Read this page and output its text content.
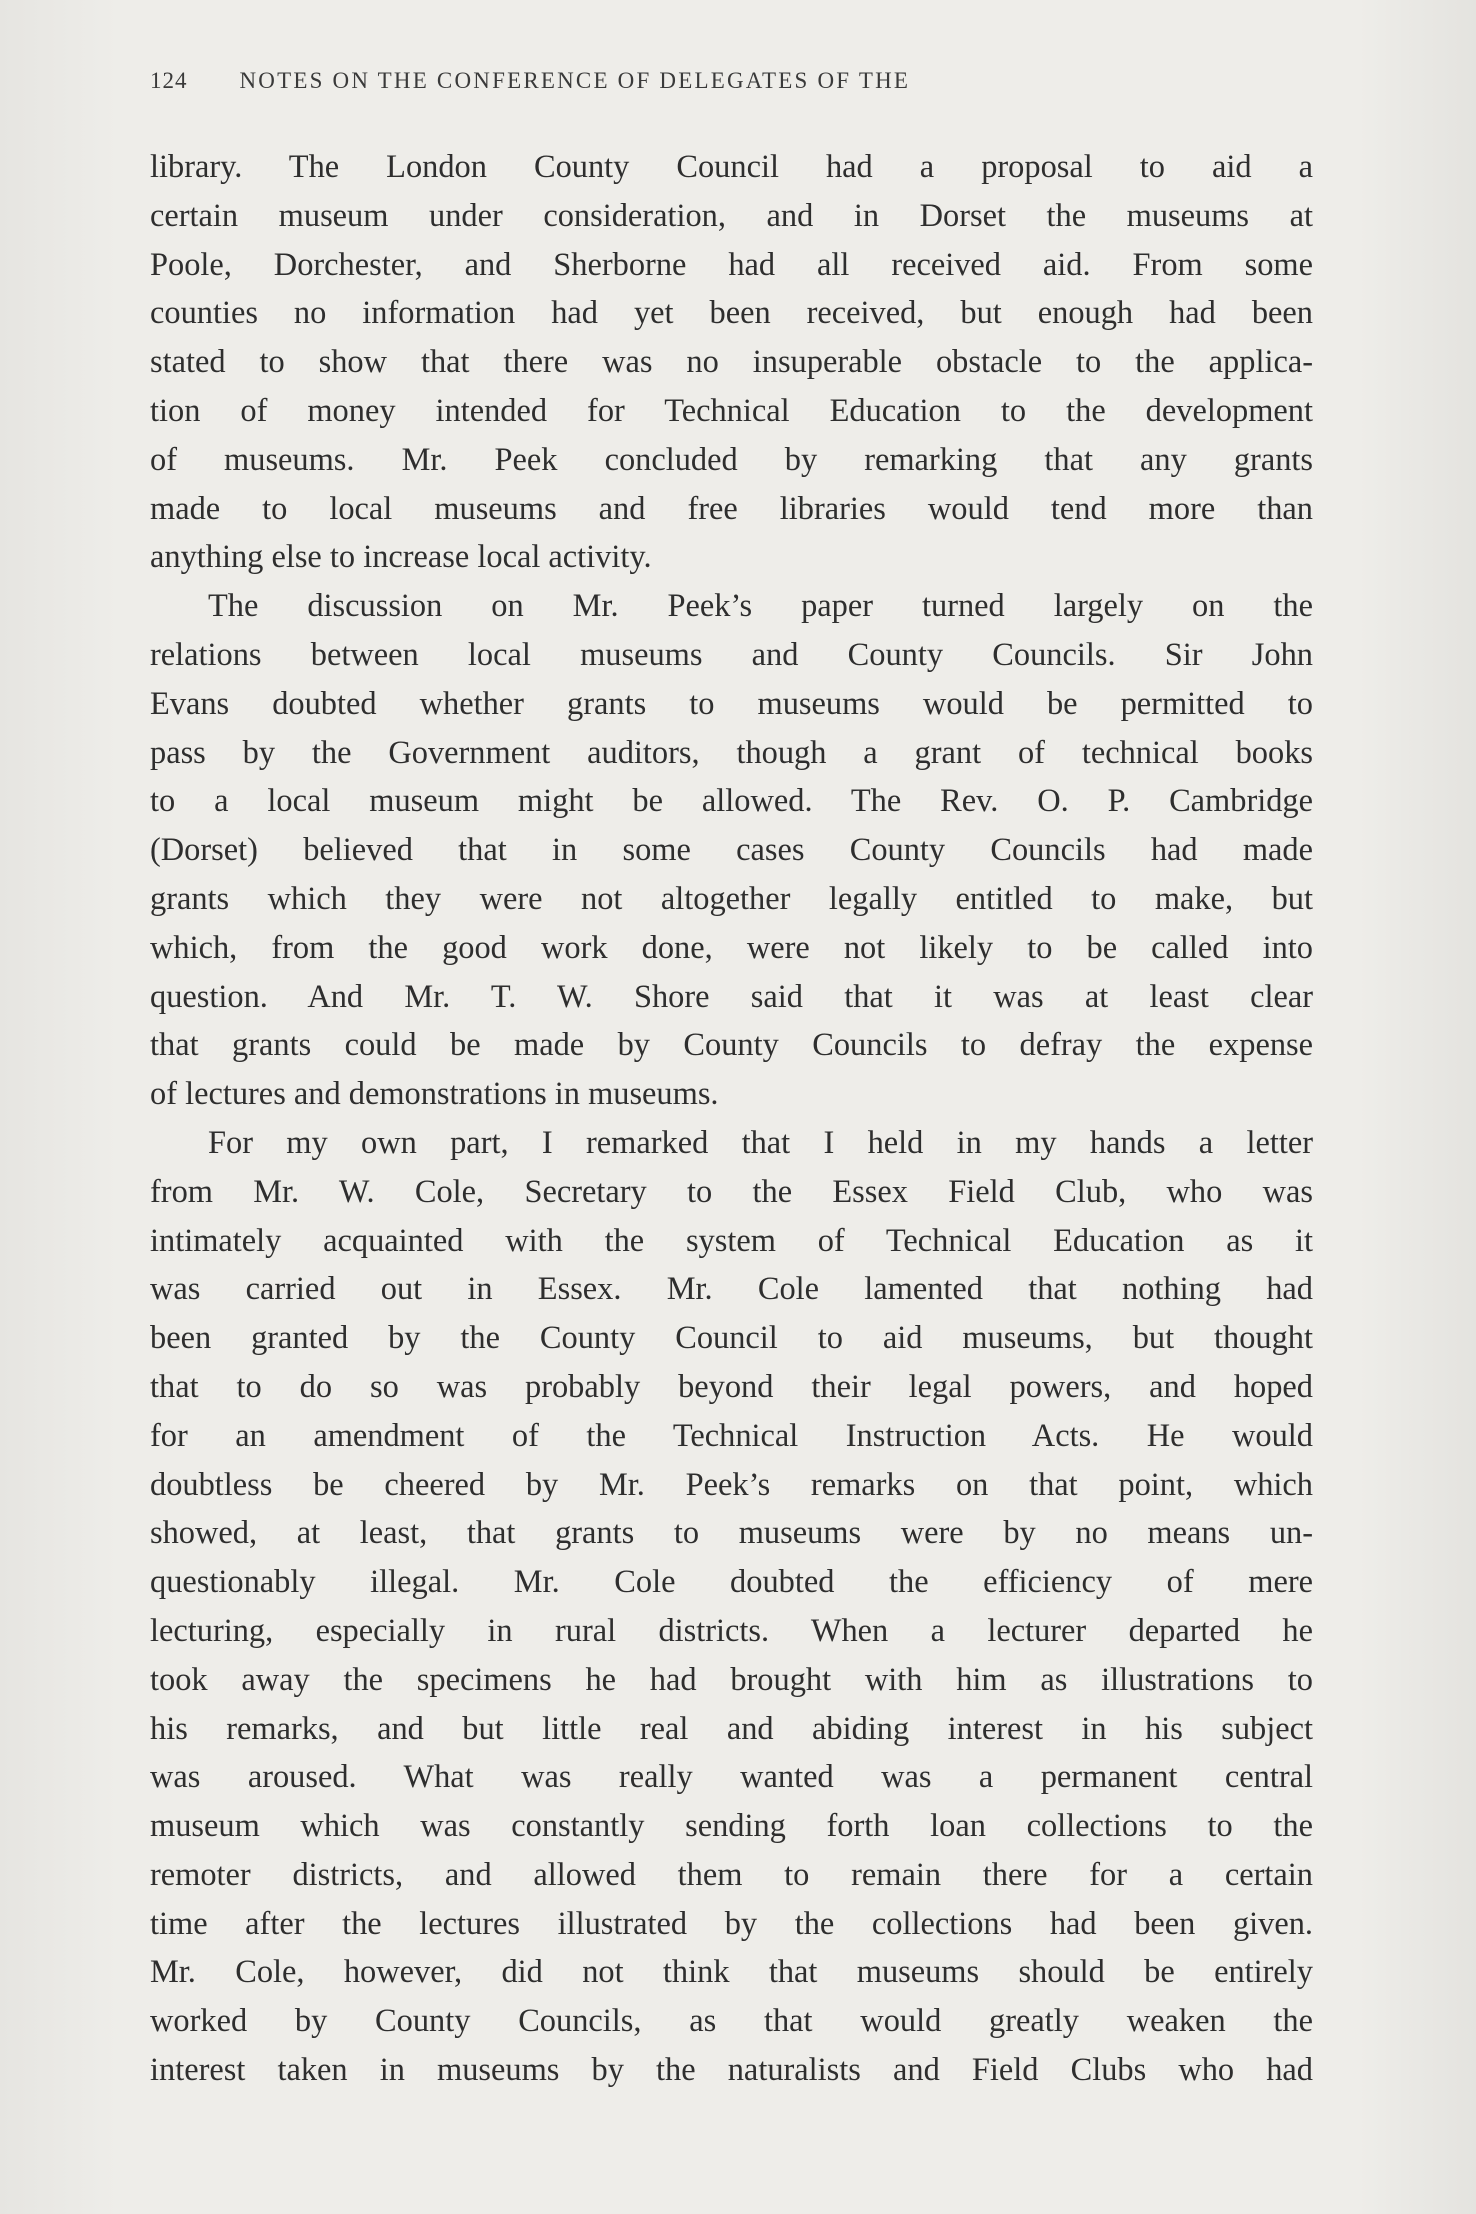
124 NOTES ON THE CONFERENCE OF DELEGATES OF THE
library. The London County Council had a proposal to aid a
certain museum under consideration, and in Dorset the museums at
Poole, Dorchester, and Sherborne had all received aid. From some
counties no information had yet been received, but enough had been
stated to show that there was no insuperable obstacle to the applica-
tion of money intended for Technical Education to the development
of museums. Mr. Peek concluded by remarking that any grants
made to local museums and free libraries would tend more than
anything else to increase local activity.
The discussion on Mr. Peek’s paper turned largely on the
relations between local museums and County Councils. Sir John
Evans doubted whether grants to museums would be permitted to
pass by the Government auditors, though a grant of technical books
to a local museum might be allowed. The Rev. O. P. Cambridge
(Dorset) believed that in some cases County Councils had made
grants which they were not altogether legally entitled to make, but
which, from the good work done, were not likely to be called into
question. And Mr. T. W. Shore said that it was at least clear
that grants could be made by County Councils to defray the expense
of lectures and demonstrations in museums.
For my own part, I remarked that I held in my hands a letter
from Mr. W. Cole, Secretary to the Essex Field Club, who was
intimately acquainted with the system of Technical Education as it
was carried out in Essex. Mr. Cole lamented that nothing had
been granted by the County Council to aid museums, but thought
that to do so was probably beyond their legal powers, and hoped
for an amendment of the Technical Instruction Acts. He would
doubtless be cheered by Mr. Peek’s remarks on that point, which
showed, at least, that grants to museums were by no means un-
questionably illegal. Mr. Cole doubted the efficiency of mere
lecturing, especially in rural districts. When a lecturer departed he
took away the specimens he had brought with him as illustrations to
his remarks, and but little real and abiding interest in his subject
was aroused. What was really wanted was a permanent central
museum which was constantly sending forth loan collections to the
remoter districts, and allowed them to remain there for a certain
time after the lectures illustrated by the collections had been given.
Mr. Cole, however, did not think that museums should be entirely
worked by County Councils, as that would greatly weaken the
interest taken in museums by the naturalists and Field Clubs who had
